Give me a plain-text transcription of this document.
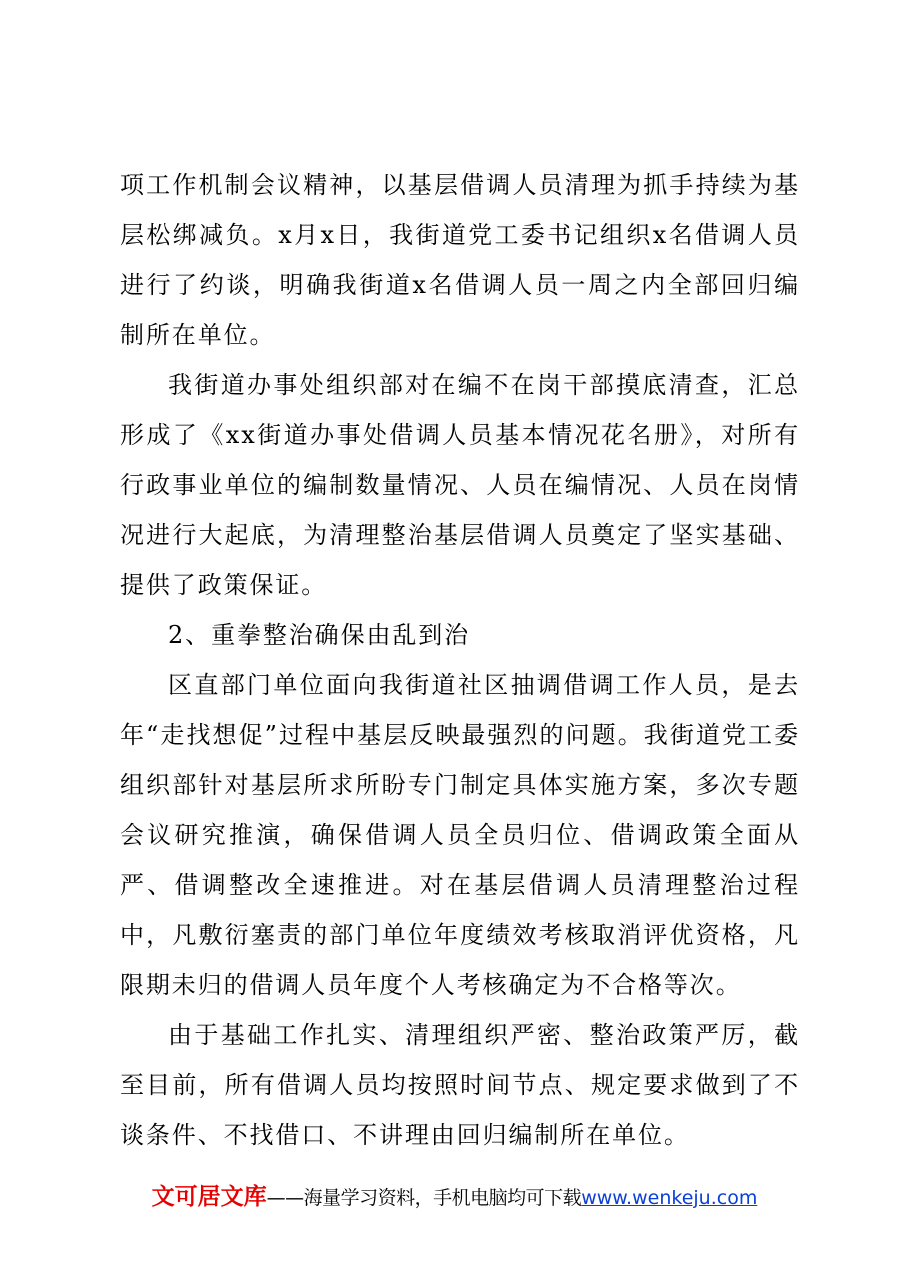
项工作机制会议精神，以基层借调人员清理为抓手持续为基层松绑减负。x月x日，我街道党工委书记组织x名借调人员进行了约谈，明确我街道x名借调人员一周之内全部回归编制所在单位。

我街道办事处组织部对在编不在岗干部摸底清查，汇总形成了《xx街道办事处借调人员基本情况花名册》，对所有行政事业单位的编制数量情况、人员在编情况、人员在岗情况进行大起底，为清理整治基层借调人员奠定了坚实基础、提供了政策保证。

2、重拳整治确保由乱到治

区直部门单位面向我街道社区抽调借调工作人员，是去年“走找想促”过程中基层反映最强烈的问题。我街道党工委组织部针对基层所求所盼专门制定具体实施方案，多次专题会议研究推演，确保借调人员全员归位、借调政策全面从严、借调整改全速推进。对在基层借调人员清理整治过程中，凡敷衍塞责的部门单位年度绩效考核取消评优资格，凡限期未归的借调人员年度个人考核确定为不合格等次。

由于基础工作扎实、清理组织严密、整治政策严厉，截至目前，所有借调人员均按照时间节点、规定要求做到了不谈条件、不找借口、不讲理由回归编制所在单位。

文可居文库——海量学习资料，手机电脑均可下载www.wenkeju.com
